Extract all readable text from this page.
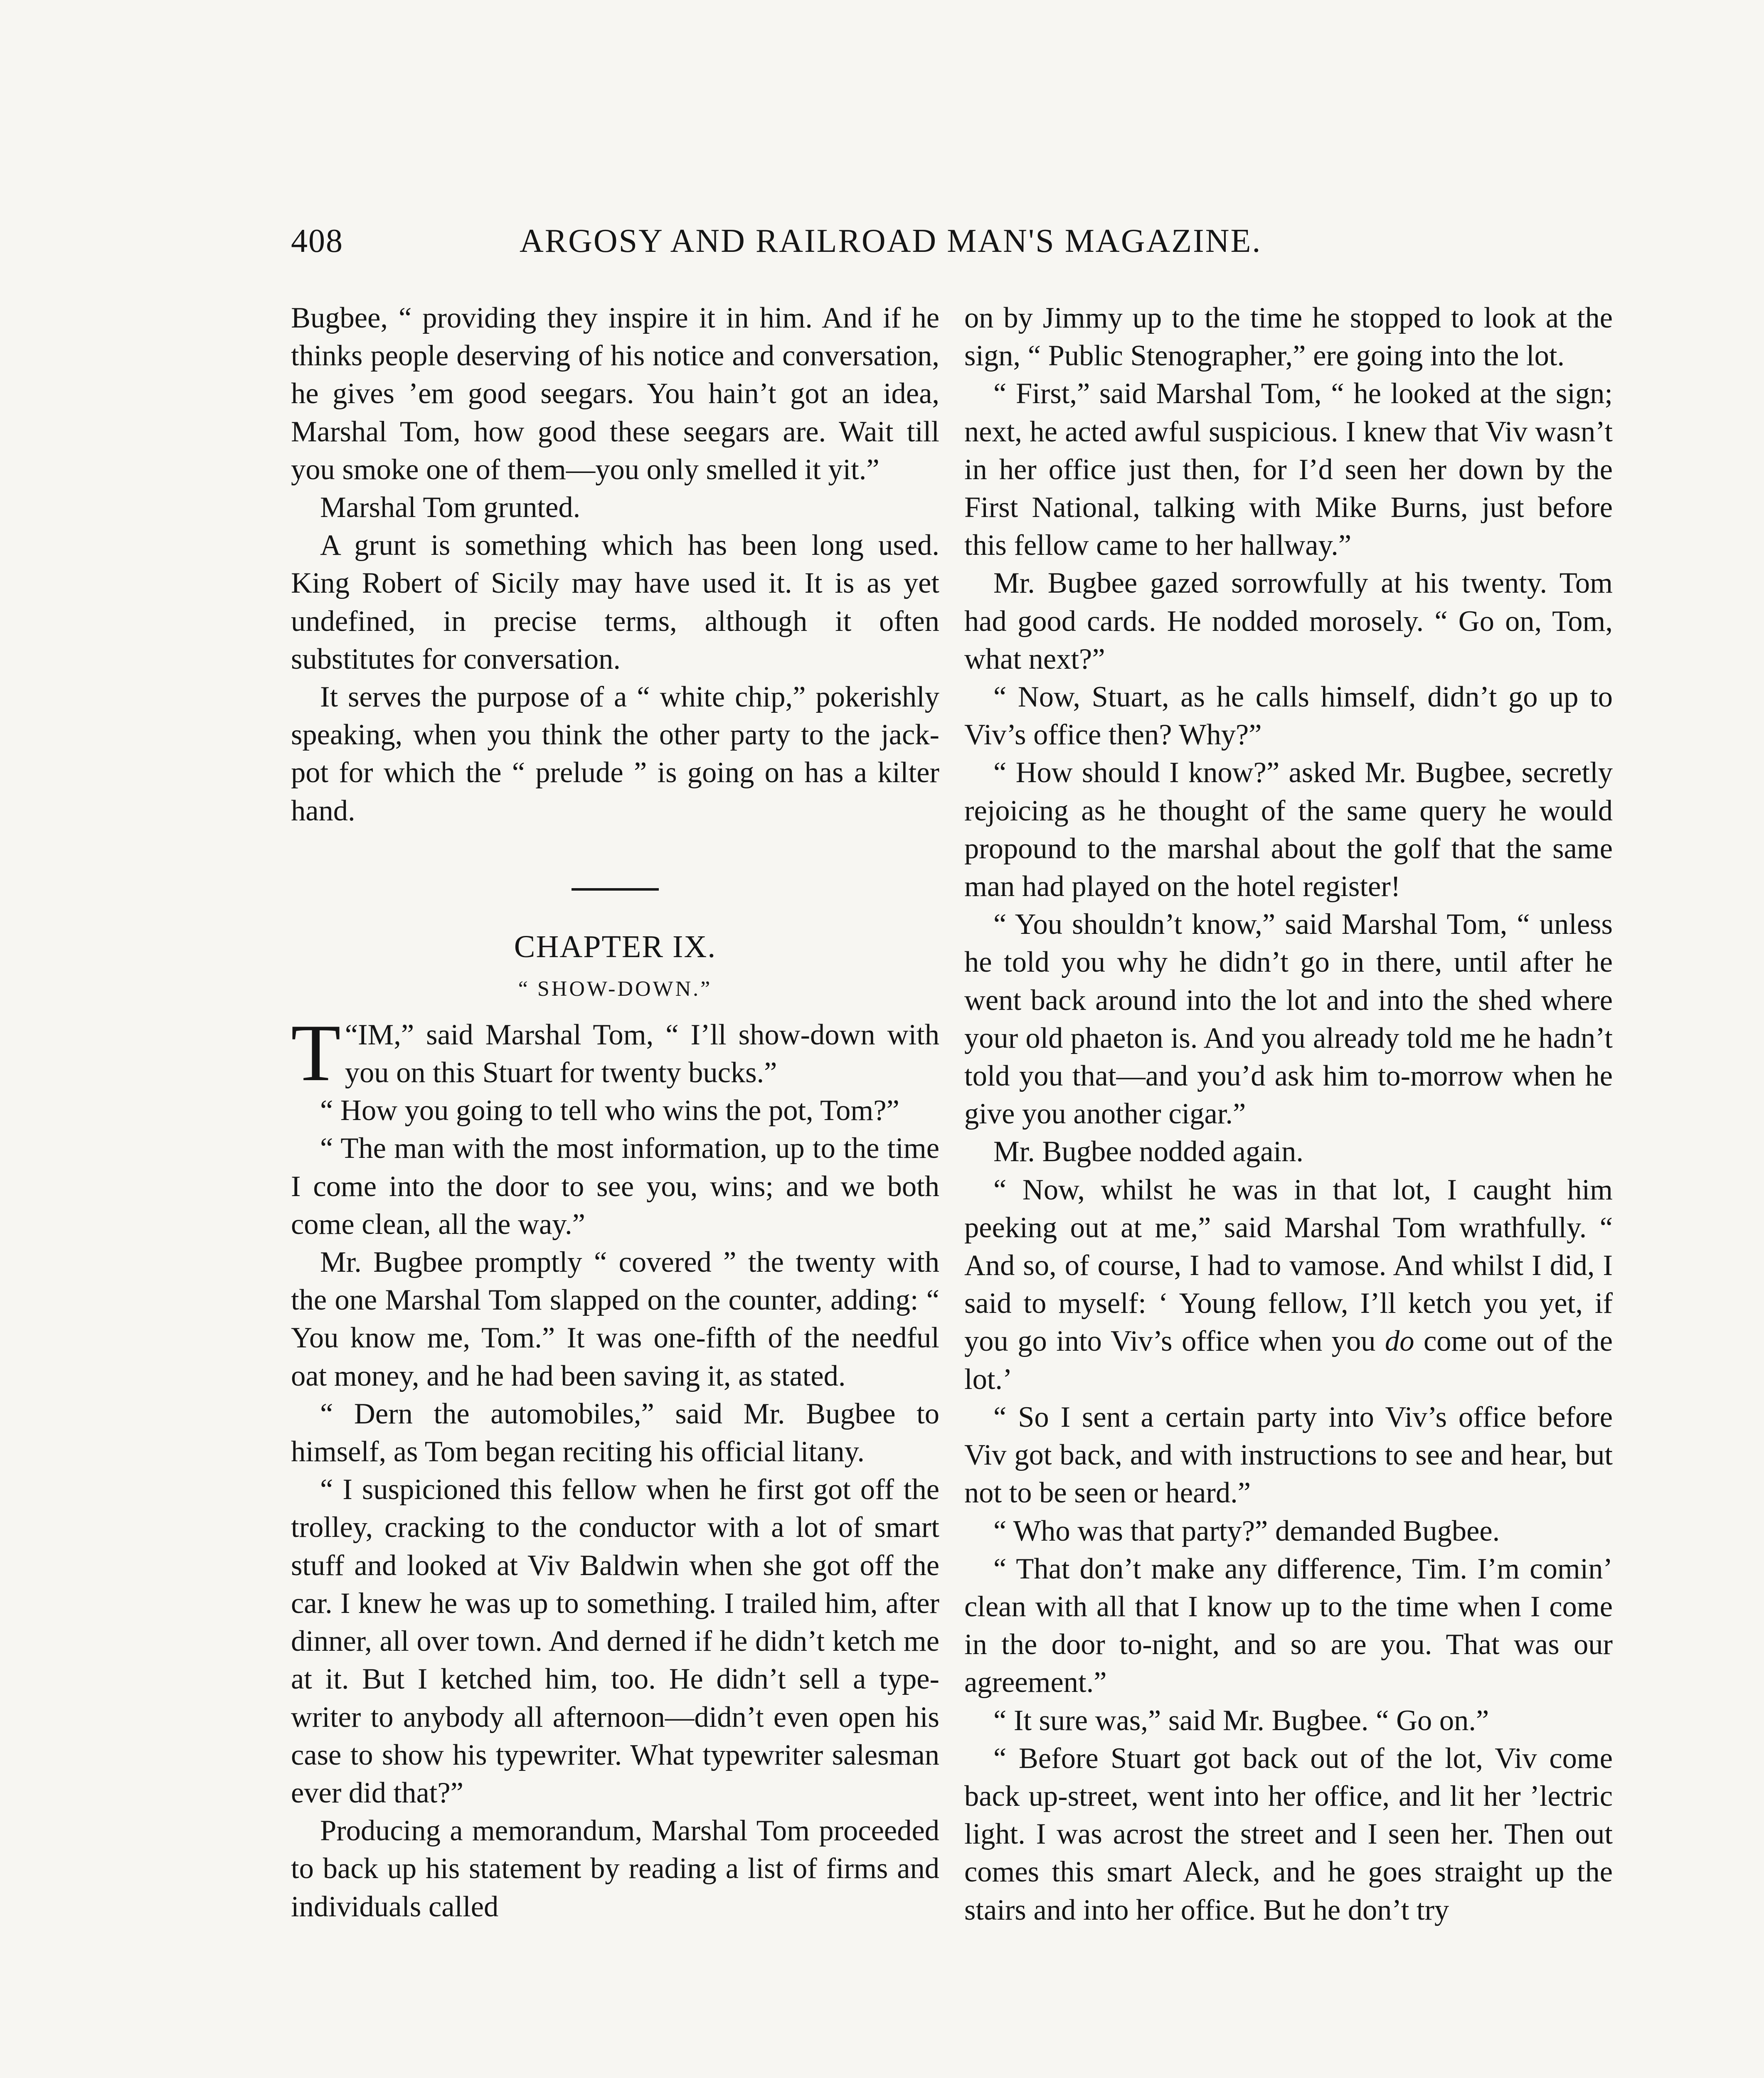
408	ARGOSY AND RAILROAD MAN'S MAGAZINE.

Bugbee, “ providing they inspire it in him. And if he thinks people deserving of his notice and conversation, he gives ’em good seegars. You hain’t got an idea, Marshal Tom, how good these seegars are. Wait till you smoke one of them—you only smelled it yit.”

Marshal Tom grunted.

A grunt is something which has been long used. King Robert of Sicily may have used it. It is as yet undefined, in precise terms, although it often substitutes for conversation.

It serves the purpose of a “ white chip,” pokerishly speaking, when you think the other party to the jack-pot for which the “ prelude ” is going on has a kilter hand.

CHAPTER IX.
“ SHOW-DOWN.”

“
T IM,” said Marshal Tom, “ I’ll show-down with you on this Stuart for twenty bucks.”

“ How you going to tell who wins the pot, Tom?”

“ The man with the most information, up to the time I come into the door to see you, wins; and we both come clean, all the way.”

Mr. Bugbee promptly “ covered ” the twenty with the one Marshal Tom slapped on the counter, adding: “ You know me, Tom.” It was one-fifth of the needful oat money, and he had been saving it, as stated.

“ Dern the automobiles,” said Mr. Bugbee to himself, as Tom began reciting his official litany.

“ I suspicioned this fellow when he first got off the trolley, cracking to the conductor with a lot of smart stuff and looked at Viv Baldwin when she got off the car. I knew he was up to something. I trailed him, after dinner, all over town. And derned if he didn’t ketch me at it. But I ketched him, too. He didn’t sell a type-writer to anybody all afternoon—didn’t even open his case to show his typewriter. What typewriter salesman ever did that?”

Producing a memorandum, Marshal Tom proceeded to back up his statement by reading a list of firms and individuals called

on by Jimmy up to the time he stopped to look at the sign, “ Public Stenographer,” ere going into the lot.

“ First,” said Marshal Tom, “ he looked at the sign; next, he acted awful suspicious. I knew that Viv wasn’t in her office just then, for I’d seen her down by the First National, talking with Mike Burns, just before this fellow came to her hallway.”

Mr. Bugbee gazed sorrowfully at his twenty. Tom had good cards. He nodded morosely. “ Go on, Tom, what next?”

“ Now, Stuart, as he calls himself, didn’t go up to Viv’s office then? Why?”

“ How should I know?” asked Mr. Bugbee, secretly rejoicing as he thought of the same query he would propound to the marshal about the golf that the same man had played on the hotel register!

“ You shouldn’t know,” said Marshal Tom, “ unless he told you why he didn’t go in there, until after he went back around into the lot and into the shed where your old phaeton is. And you already told me he hadn’t told you that—and you’d ask him to-morrow when he give you another cigar.”

Mr. Bugbee nodded again.

“ Now, whilst he was in that lot, I caught him peeking out at me,” said Marshal Tom wrathfully. “ And so, of course, I had to vamose. And whilst I did, I said to myself: ‘ Young fellow, I’ll ketch you yet, if you go into Viv’s office when you do come out of the lot.’

“ So I sent a certain party into Viv’s office before Viv got back, and with instructions to see and hear, but not to be seen or heard.”

“ Who was that party?” demanded Bugbee.

“ That don’t make any difference, Tim. I’m comin’ clean with all that I know up to the time when I come in the door to-night, and so are you. That was our agreement.”

“ It sure was,” said Mr. Bugbee. “ Go on.”

“ Before Stuart got back out of the lot, Viv come back up-street, went into her office, and lit her ’lectric light. I was acrost the street and I seen her. Then out comes this smart Aleck, and he goes straight up the stairs and into her office. But he don’t try
